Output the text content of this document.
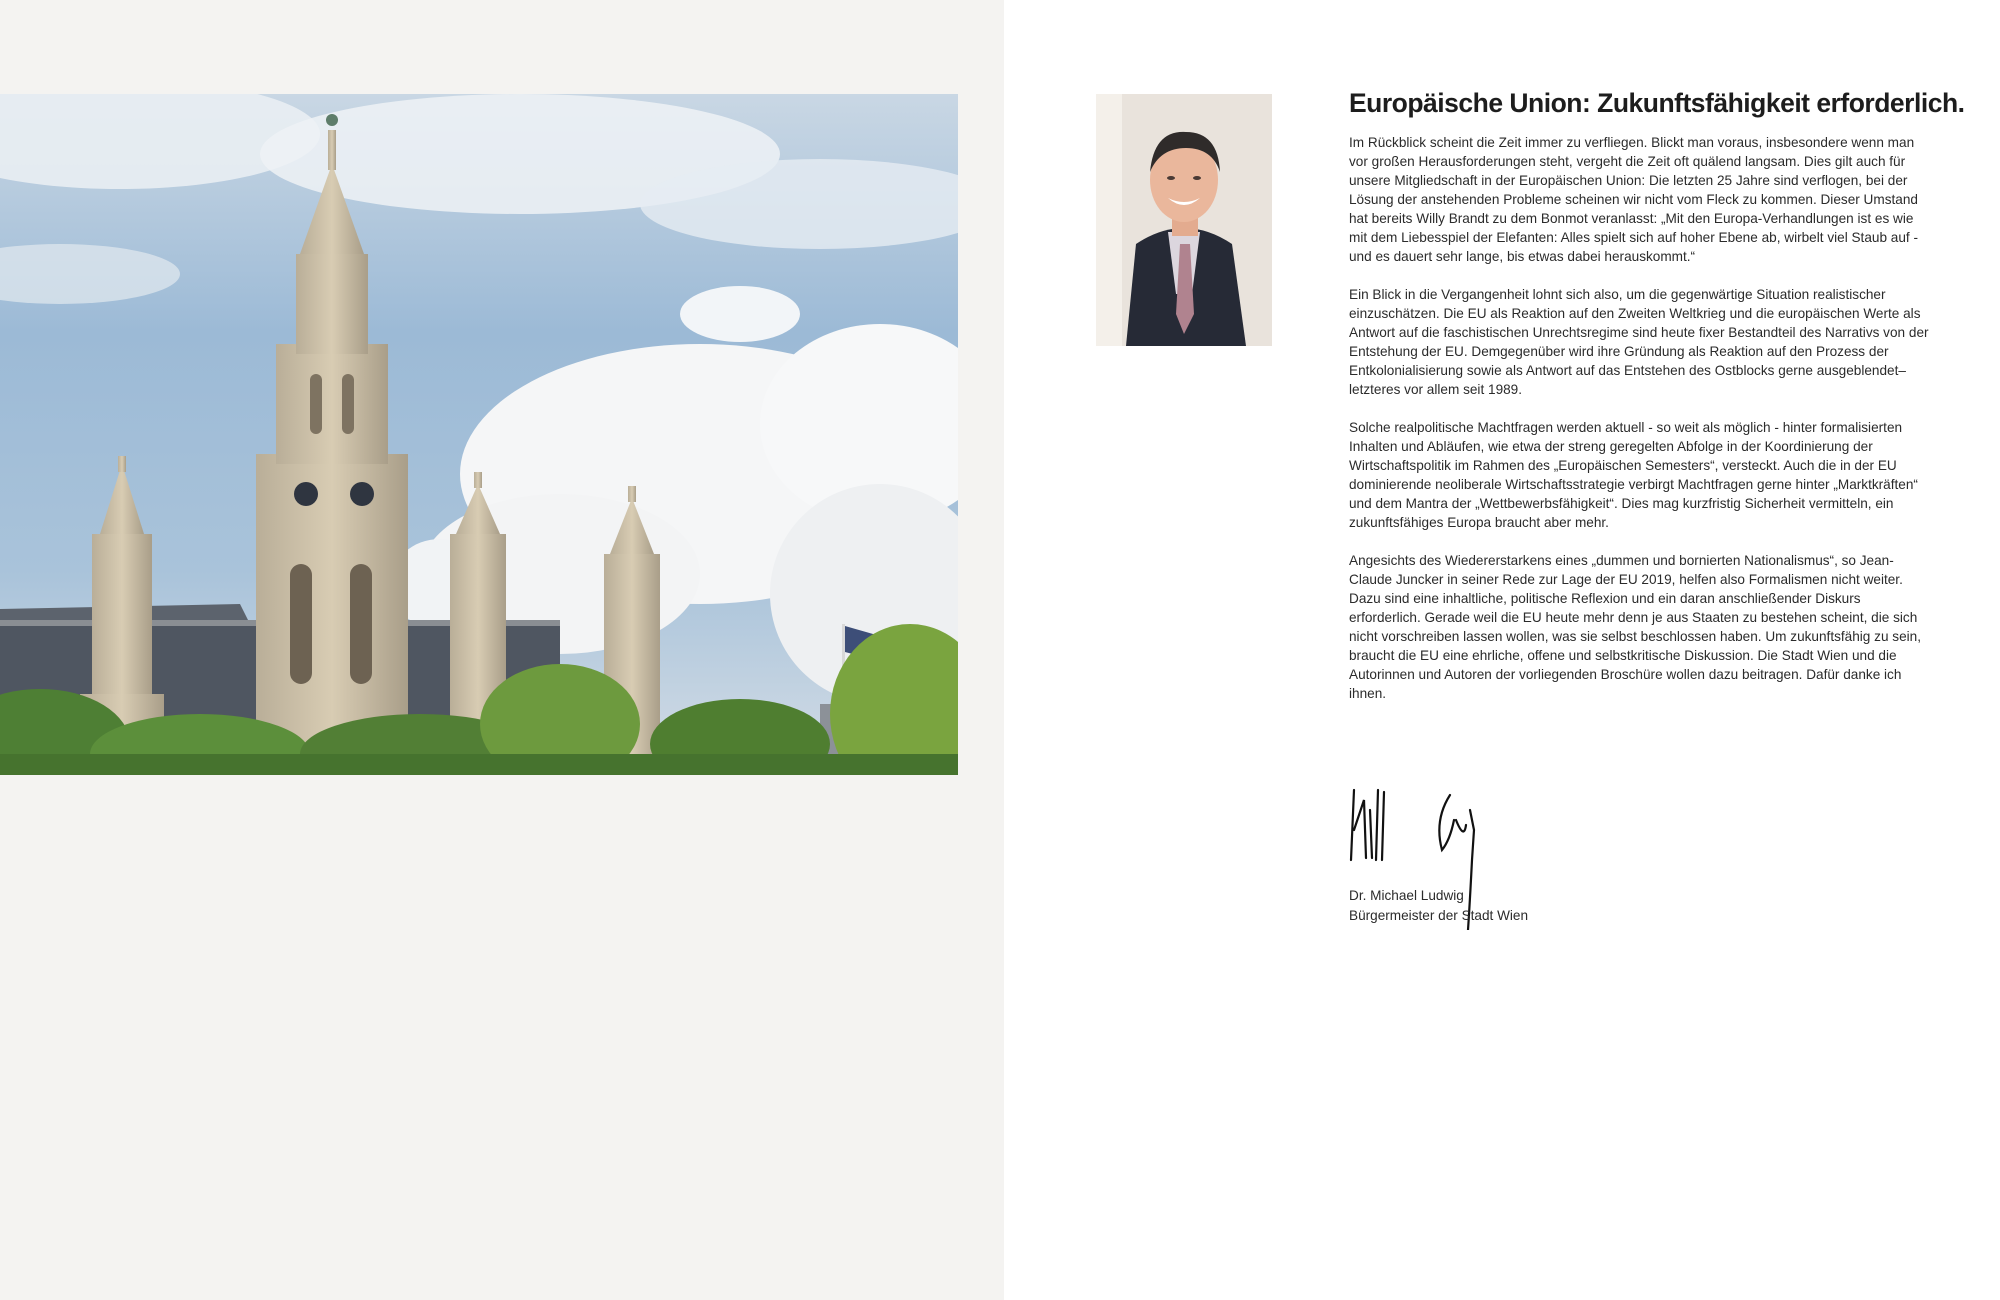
Europäische Union: Zukunftsfähigkeit erforderlich.

Im Rückblick scheint die Zeit immer zu verfliegen. Blickt man voraus, insbesondere wenn man vor großen Herausforderungen steht, vergeht die Zeit oft quälend langsam. Dies gilt auch für unsere Mitgliedschaft in der Europäischen Union: Die letzten 25 Jahre sind verflogen, bei der Lösung der anstehenden Probleme scheinen wir nicht vom Fleck zu kommen. Dieser Umstand hat bereits Willy Brandt zu dem Bonmot veranlasst: „Mit den Europa-Verhandlungen ist es wie mit dem Liebesspiel der Elefanten: Alles spielt sich auf hoher Ebene ab, wirbelt viel Staub auf - und es dauert sehr lange, bis etwas dabei herauskommt.“

Ein Blick in die Vergangenheit lohnt sich also, um die gegenwärtige Situation realistischer einzuschätzen. Die EU als Reaktion auf den Zweiten Weltkrieg und die europäischen Werte als Antwort auf die faschistischen Unrechtsregime sind heute fixer Bestandteil des Narrativs von der Entstehung der EU. Demgegenüber wird ihre Gründung als Reaktion auf den Prozess der Entkolonialisierung sowie als Antwort auf das Entstehen des Ostblocks gerne ausgeblendet– letzteres vor allem seit 1989.

Solche realpolitische Machtfragen werden aktuell - so weit als möglich - hinter formalisierten Inhalten und Abläufen, wie etwa der streng geregelten Abfolge in der Koordinierung der Wirtschaftspolitik im Rahmen des „Europäischen Semesters“, versteckt. Auch die in der EU dominierende neoliberale Wirtschaftsstrategie verbirgt Machtfragen gerne hinter „Marktkräften“ und dem Mantra der „Wettbewerbsfähigkeit“. Dies mag kurzfristig Sicherheit vermitteln, ein zukunftsfähiges Europa braucht aber mehr.

Angesichts des Wiedererstarkens eines „dummen und bornierten Nationalismus“, so Jean-Claude Juncker in seiner Rede zur Lage der EU 2019, helfen also Formalismen nicht weiter. Dazu sind eine inhaltliche, politische Reflexion und ein daran anschließender Diskurs erforderlich. Gerade weil die EU heute mehr denn je aus Staaten zu bestehen scheint, die sich nicht vorschreiben lassen wollen, was sie selbst beschlossen haben. Um zukunftsfähig zu sein, braucht die EU eine ehrliche, offene und selbstkritische Diskussion. Die Stadt Wien und die Autorinnen und Autoren der vorliegenden Broschüre wollen dazu beitragen. Dafür danke ich ihnen.

Dr. Michael Ludwig
Bürgermeister der Stadt Wien
